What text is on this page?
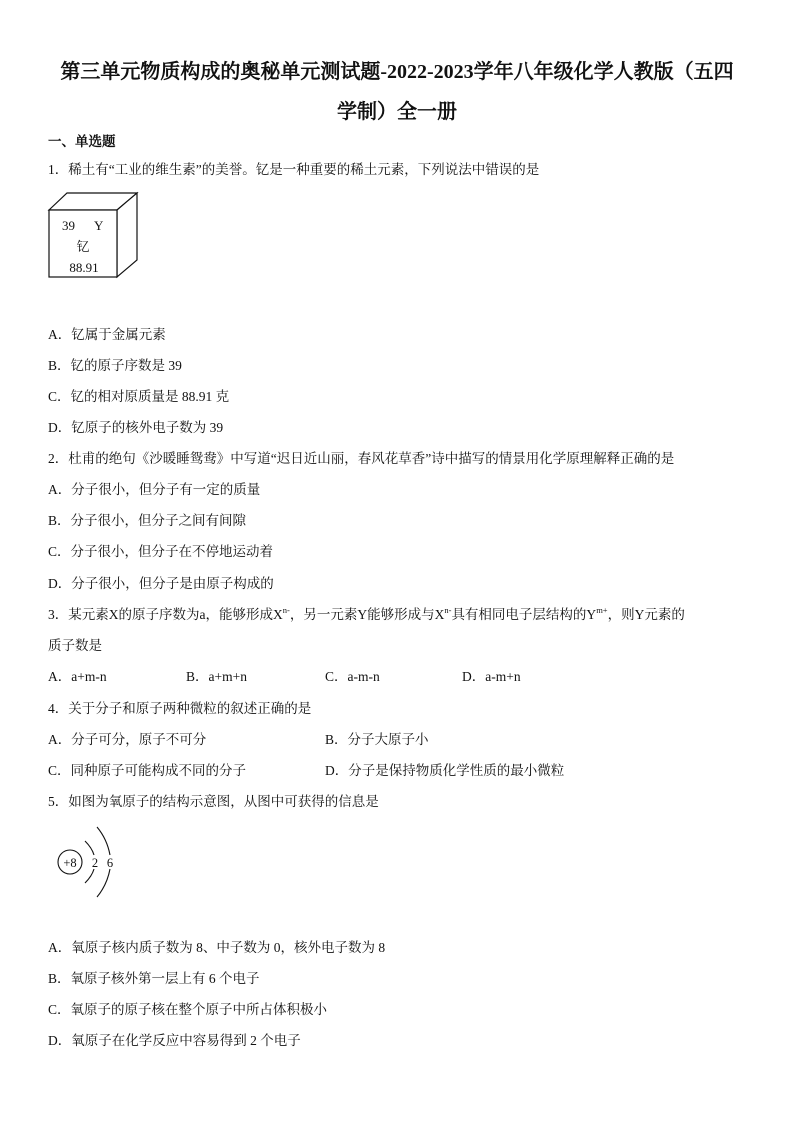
第三单元物质构成的奥秘单元测试题-2022-2023学年八年级化学人教版（五四
学制）全一册
一、单选题
1．稀土有“工业的维生素”的美誉。钇是一种重要的稀土元素，下列说法中错误的是
39 Y
钇
88.91
A．钇属于金属元素
B．钇的原子序数是 39
C．钇的相对原质量是 88.91 克
D．钇原子的核外电子数为 39
2．杜甫的绝句《沙暖睡鸳鸯》中写道“迟日近山丽，春风花草香”诗中描写的情景用化学原理解释正确的是
A．分子很小，但分子有一定的质量
B．分子很小，但分子之间有间隙
C．分子很小，但分子在不停地运动着
D．分子很小，但分子是由原子构成的
3．某元素X的原子序数为a，能够形成$X^{n-}$，另一元素Y能够形成与$X^{n-}$具有相同电子层结构的$Y^{m+}$，则Y元素的
质子数是
A．a+m-n	B．a+m+n	C．a-m-n	D．a-m+n
4．关于分子和原子两种微粒的叙述正确的是
A．分子可分，原子不可分	B．分子大原子小
C．同种原子可能构成不同的分子	D．分子是保持物质化学性质的最小微粒
5．如图为氧原子的结构示意图，从图中可获得的信息是
+8 2 6
A．氧原子核内质子数为 8、中子数为 0，核外电子数为 8
B．氧原子核外第一层上有 6 个电子
C．氧原子的原子核在整个原子中所占体积极小
D．氧原子在化学反应中容易得到 2 个电子
